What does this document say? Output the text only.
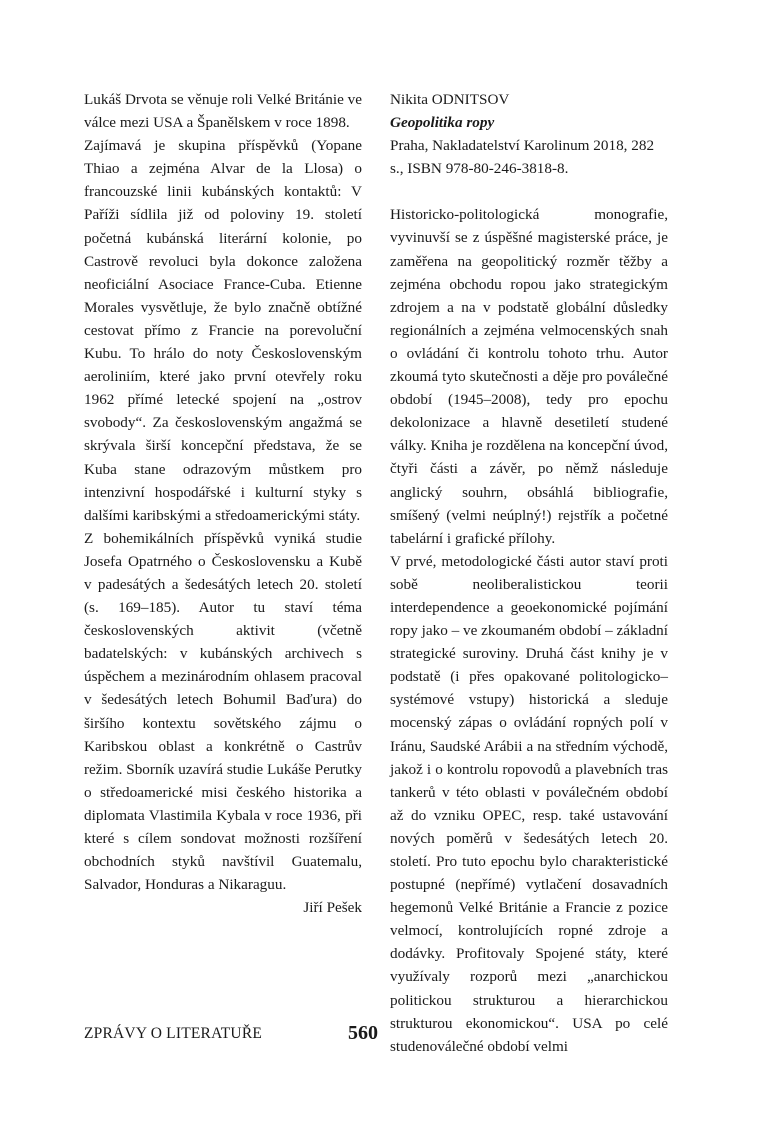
Lukáš Drvota se věnuje roli Velké Británie ve válce mezi USA a Španělskem v roce 1898.

Zajímavá je skupina příspěvků (Yopane Thiao a zejména Alvar de la Llosa) o francouzské linii kubánských kontaktů: V Paříži sídlila již od poloviny 19. století početná kubánská literární kolonie, po Castrově revoluci byla dokonce založena neoficiální Asociace France-Cuba. Etienne Morales vysvětluje, že bylo značně obtížné cestovat přímo z Francie na porevoluční Kubu. To hrálo do noty Československým aeroliniím, které jako první otevřely roku 1962 přímé letecké spojení na „ostrov svobody“. Za československým angažmá se skrývala širší koncepční představa, že se Kuba stane odrazovým můstkem pro intenzivní hospodářské i kulturní styky s dalšími karibskými a středoamerickými státy.

Z bohemikálních příspěvků vyniká studie Josefa Opatrného o Československu a Kubě v padesátých a šedesátých letech 20. století (s. 169–185). Autor tu staví téma československých aktivit (včetně badatelských: v kubánských archivech s úspěchem a mezinárodním ohlasem pracoval v šedesátých letech Bohumil Baďura) do širšího kontextu sovětského zájmu o Karibskou oblast a konkrétně o Castrův režim. Sborník uzavírá studie Lukáše Perutky o středoamerické misi českého historika a diplomata Vlastimila Kybala v roce 1936, při které s cílem sondovat možnosti rozšíření obchodních styků navštívil Guatemalu, Salvador, Honduras a Nikaraguu.

Jiří Pešek

Nikita ODNITSOV

Geopolitika ropy

Praha, Nakladatelství Karolinum 2018, 282 s., ISBN 978-80-246-3818-8.

Historicko-politologická monografie, vyvinuvší se z úspěšné magisterské práce, je zaměřena na geopolitický rozměr těžby a zejména obchodu ropou jako strategickým zdrojem a na v podstatě globální důsledky regionálních a zejména velmocenských snah o ovládání či kontrolu tohoto trhu. Autor zkoumá tyto skutečnosti a děje pro poválečné období (1945–2008), tedy pro epochu dekolonizace a hlavně desetiletí studené války. Kniha je rozdělena na koncepční úvod, čtyři části a závěr, po němž následuje anglický souhrn, obsáhlá bibliografie, smíšený (velmi neúplný!) rejstřík a početné tabelární i grafické přílohy.

V prvé, metodologické části autor staví proti sobě neoliberalistickou teorii interdependence a geoekonomické pojímání ropy jako – ve zkoumaném období – základní strategické suroviny. Druhá část knihy je v podstatě (i přes opakované politologicko–systémové vstupy) historická a sleduje mocenský zápas o ovládání ropných polí v Iránu, Saudské Arábii a na středním východě, jakož i o kontrolu ropovodů a plavebních tras tankerů v této oblasti v poválečném období až do vzniku OPEC, resp. také ustavování nových poměrů v šedesátých letech 20. století. Pro tuto epochu bylo charakteristické postupné (nepřímé) vytlačení dosavadních hegemonů Velké Británie a Francie z pozice velmocí, kontrolujících ropné zdroje a dodávky. Profitovaly Spojené státy, které využívaly rozporů mezi „anarchickou politickou strukturou a hierarchickou strukturou ekonomickou“. USA po celé studenoválečné období velmi

ZPRÁVY O LITERATUŘE	560
